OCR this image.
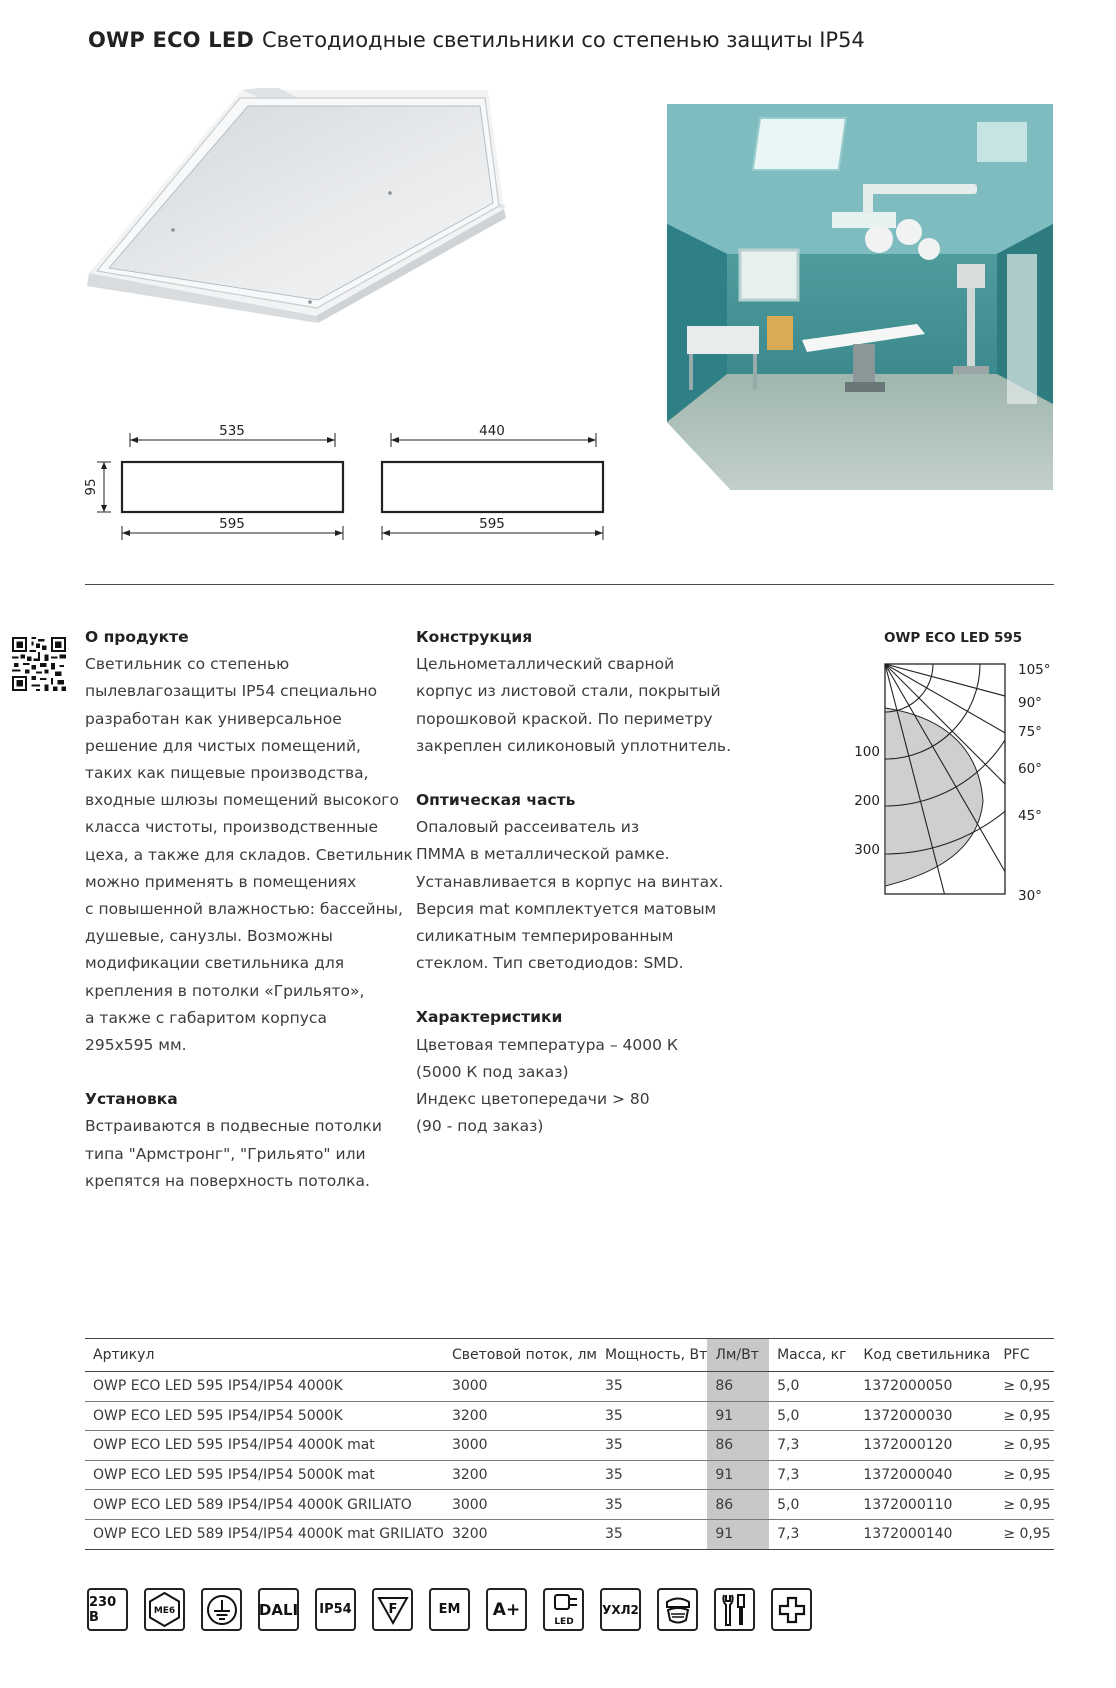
OWP ECO LED Светодиодные светильники со степенью защиты IP54
535
595
440
595
95
О продукте

Светильник со степенью
пылевлагозащиты IP54 специально
разработан как универсальное
решение для чистых помещений,
таких как пищевые производства,
входные шлюзы помещений высокого
класса чистоты, производственные
цеха, а также для складов. Светильник
можно применять в помещениях
с повышенной влажностью: бассейны,
душевые, санузлы. Возможны
модификации светильника для
крепления в потолки «Грильято»,
а также с габаритом корпуса
295x595 мм.

Установка

Встраиваются в подвесные потолки
типа "Армстронг", "Грильято" или
крепятся на поверхность потолка.

Конструкция

Цельнометаллический сварной
корпус из листовой стали, покрытый
порошковой краской. По периметру
закреплен силиконовый уплотнитель.

Оптическая часть

Опаловый рассеиватель из
ПММА в металлической рамке.
Устанавливается в корпус на винтах.
Версия mat комплектуется матовым
силикатным темперированным
стеклом. Тип светодиодов: SMD.

Характеристики

Цветовая температура – 4000 К
(5000 К под заказ)
Индекс цветопередачи > 80
(90 - под заказ)

OWP ECO LED 595
105°
90°
75°
60°
45°
30°
100
200
300
Артикул	Световой поток, лм	Мощность, Вт	Лм/Вт	Масса, кг	Код светильника	PFC
OWP ECO LED 595 IP54/IP54 4000K	3000	35	86	5,0	1372000050	≥ 0,95
OWP ECO LED 595 IP54/IP54 5000K	3200	35	91	5,0	1372000030	≥ 0,95
OWP ECO LED 595 IP54/IP54 4000K mat	3000	35	86	7,3	1372000120	≥ 0,95
OWP ECO LED 595 IP54/IP54 5000K mat	3200	35	91	7,3	1372000040	≥ 0,95
OWP ECO LED 589 IP54/IP54 4000K GRILIATO	3000	35	86	5,0	1372000110	≥ 0,95
OWP ECO LED 589 IP54/IP54 4000K mat GRILIATO	3200	35	91	7,3	1372000140	≥ 0,95
230 B	ME6	DALI	IP54	F	EM	A+
LED
УХЛ2
